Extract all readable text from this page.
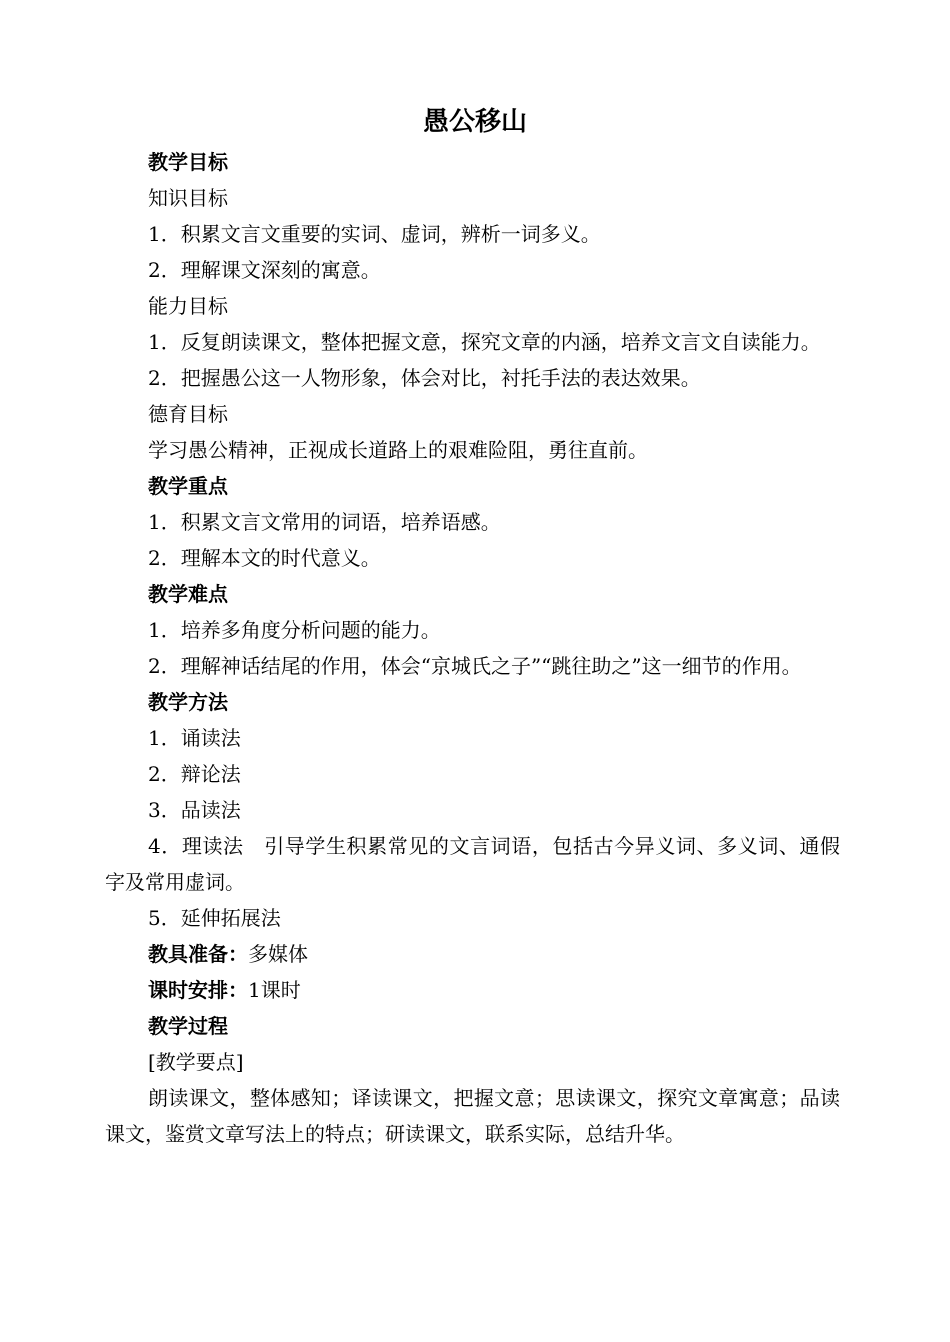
愚公移山

教学目标

知识目标

1．积累文言文重要的实词、虚词，辨析一词多义。

2．理解课文深刻的寓意。

能力目标

1．反复朗读课文，整体把握文意，探究文章的内涵，培养文言文自读能力。

2．把握愚公这一人物形象，体会对比，衬托手法的表达效果。

德育目标

学习愚公精神，正视成长道路上的艰难险阻，勇往直前。

教学重点

1．积累文言文常用的词语，培养语感。

2．理解本文的时代意义。

教学难点

1．培养多角度分析问题的能力。

2．理解神话结尾的作用，体会“京城氏之子”“跳往助之”这一细节的作用。

教学方法

1．诵读法

2．辩论法

3．品读法

4．理读法　引导学生积累常见的文言词语，包括古今异义词、多义词、通假字及常用虚词。

5．延伸拓展法

教具准备：多媒体

课时安排：1课时

教学过程

[教学要点]

朗读课文，整体感知；译读课文，把握文意；思读课文，探究文章寓意；品读课文，鉴赏文章写法上的特点；研读课文，联系实际，总结升华。
